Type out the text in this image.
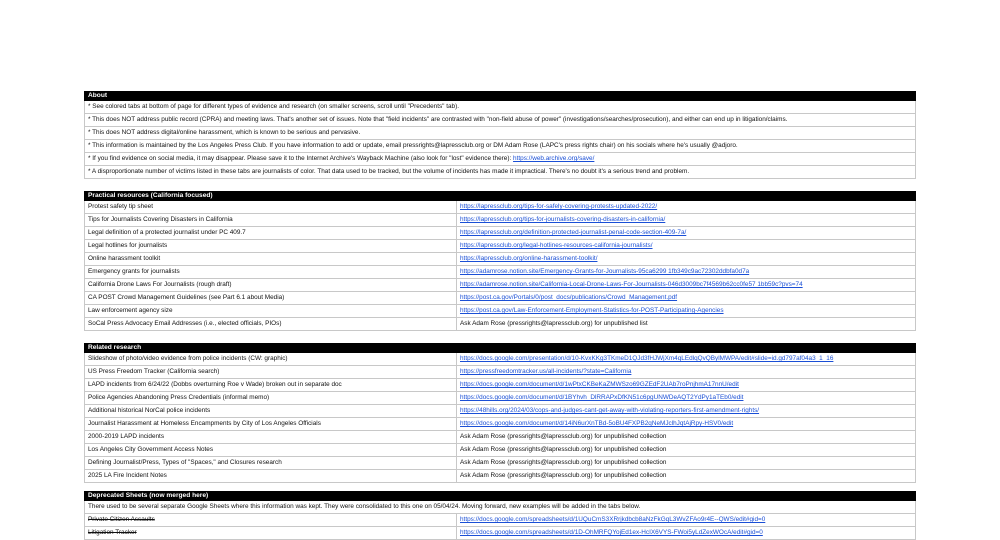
About
* See colored tabs at bottom of page for different types of evidence and research (on smaller screens, scroll until "Precedents" tab).
* This does NOT address public record (CPRA) and meeting laws. That's another set of issues. Note that "field incidents" are contrasted with "non-field abuse of power" (investigations/searches/prosecution), and either can end up in litigation/claims.
* This does NOT address digital/online harassment, which is known to be serious and pervasive.
* This information is maintained by the Los Angeles Press Club. If you have information to add or update, email pressrights@lapressclub.org or DM Adam Rose (LAPC's press rights chair) on his socials where he's usually @adjoro.
* If you find evidence on social media, it may disappear. Please save it to the Internet Archive's Wayback Machine (also look for "lost" evidence there): https://web.archive.org/save/
* A disproportionate number of victims listed in these tabs are journalists of color. That data used to be tracked, but the volume of incidents has made it impractical. There's no doubt it's a serious trend and problem.
Practical resources (California focused)
Protest safety tip sheet	https://lapressclub.org/tips-for-safely-covering-protests-updated-2022/
Tips for Journalists Covering Disasters in California	https://lapressclub.org/tips-for-journalists-covering-disasters-in-california/
Legal definition of a protected journalist under PC 409.7	https://lapressclub.org/definition-protected-journalist-penal-code-section-409-7a/
Legal hotlines for journalists	https://lapressclub.org/legal-hotlines-resources-california-journalists/
Online harassment toolkit	https://lapressclub.org/online-harassment-toolkit/
Emergency grants for journalists	https://adamrose.notion.site/Emergency-Grants-for-Journalists-95ca6299 1fb349c9ac72302ddbfa0d7a
California Drone Laws For Journalists (rough draft)	https://adamrose.notion.site/California-Local-Drone-Laws-For-Journalists-046d3009bc7f4569b62cc0fe57 1bb59c?pvs=74
CA POST Crowd Management Guidelines (see Part 6.1 about Media)	https://post.ca.gov/Portals/0/post_docs/publications/Crowd_Management.pdf
Law enforcement agency size	https://post.ca.gov/Law-Enforcement-Employment-Statistics-for-POST-Participating-Agencies
SoCal Press Advocacy Email Addresses (i.e., elected officials, PIOs)	Ask Adam Rose (pressrights@lapressclub.org) for unpublished list
Related research
Slideshow of photo/video evidence from police incidents (CW: graphic)	https://docs.google.com/presentation/d/10-KvxKKg3TKmeD1QJd3fHJWjXm4qLEdlqQvQBylMWPA/edit#slide=id.gd797af04a3_1_16
US Press Freedom Tracker (California search)	https://pressfreedomtracker.us/all-incidents/?state=California
LAPD incidents from 6/24/22 (Dobbs overturning Roe v Wade) broken out in separate doc	https://docs.google.com/document/d/1wPtxCKBeKaZMWSzo69GZEdF2UAb7roPnjhmA17nnU/edit
Police Agencies Abandoning Press Credentials (informal memo)	https://docs.google.com/document/d/1BYhvh_DlRRAPxDfKN51c6pgUNWDeAQT2YdPy1aTEb0/edit
Additional historical NorCal police incidents	https://48hills.org/2024/03/cops-and-judges-cant-get-away-with-violating-reporters-first-amendment-rights/
Journalist Harassment at Homeless Encampments by City of Los Angeles Officials	https://docs.google.com/document/d/14iN6urXnTBd-5oBU4FXPB2qNeMJclhJqtAjRpy-HSV0/edit
2000-2019 LAPD incidents	Ask Adam Rose (pressrights@lapressclub.org) for unpublished collection
Los Angeles City Government Access Notes	Ask Adam Rose (pressrights@lapressclub.org) for unpublished collection
Defining Journalist/Press, Types of "Spaces," and Closures research	Ask Adam Rose (pressrights@lapressclub.org) for unpublished collection
2025 LA Fire Incident Notes	Ask Adam Rose (pressrights@lapressclub.org) for unpublished collection
Deprecated Sheets (now merged here)
There used to be several separate Google Sheets where this information was kept. They were consolidated to this one on 05/04/24. Moving forward, new examples will be added in the tabs below.
Private Citizen Assaults	https://docs.google.com/spreadsheets/d/1UQuCmS3XRrjkdbcb8aNzFkGqL3WvZFAo9r4E--QWS/edit#gid=0
Litigation Tracker	https://docs.google.com/spreadsheets/d/1D-OhMRFQYojEd1ex-HcIX6VYS-FWoi5yLdZexWOcA/edit#gid=0
